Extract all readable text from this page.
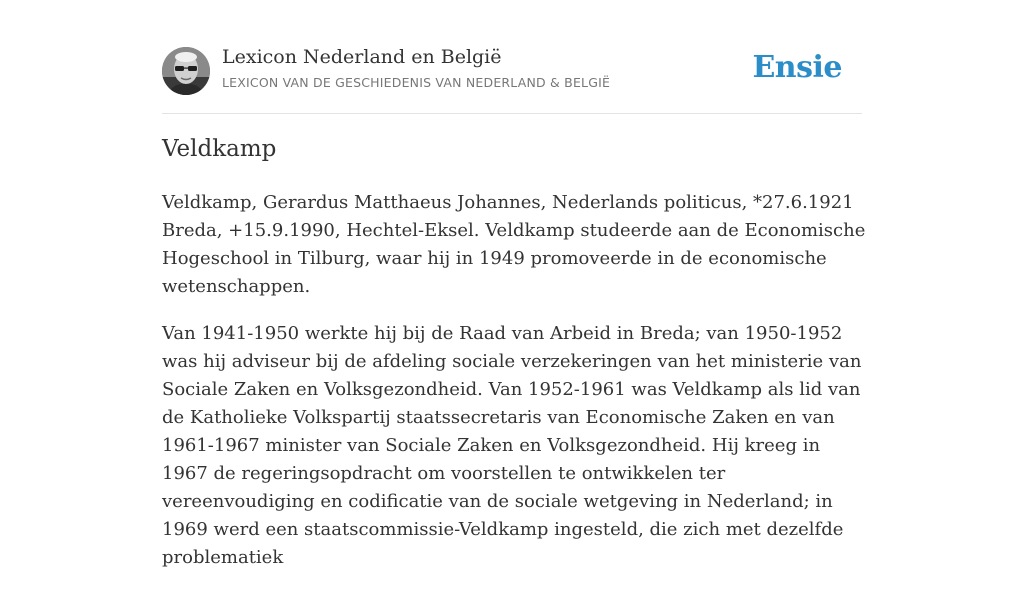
Lexicon Nederland en België
LEXICON VAN DE GESCHIEDENIS VAN NEDERLAND & BELGIË	Ensie
Veldkamp

Veldkamp, Gerardus Matthaeus Johannes, Nederlands politicus, *27.6.1921 Breda, +15.9.1990, Hechtel-Eksel. Veldkamp studeerde aan de Economische Hogeschool in Tilburg, waar hij in 1949 promoveerde in de economische wetenschappen.

Van 1941-1950 werkte hij bij de Raad van Arbeid in Breda; van 1950-1952 was hij adviseur bij de afdeling sociale verzekeringen van het ministerie van Sociale Zaken en Volksgezondheid. Van 1952-1961 was Veldkamp als lid van de Katholieke Volkspartij staatssecretaris van Economische Zaken en van 1961-1967 minister van Sociale Zaken en Volksgezondheid. Hij kreeg in 1967 de regeringsopdracht om voorstellen te ontwikkelen ter vereenvoudiging en codificatie van de sociale wetgeving in Nederland; in 1969 werd een staatscommissie-Veldkamp ingesteld, die zich met dezelfde problematiek
